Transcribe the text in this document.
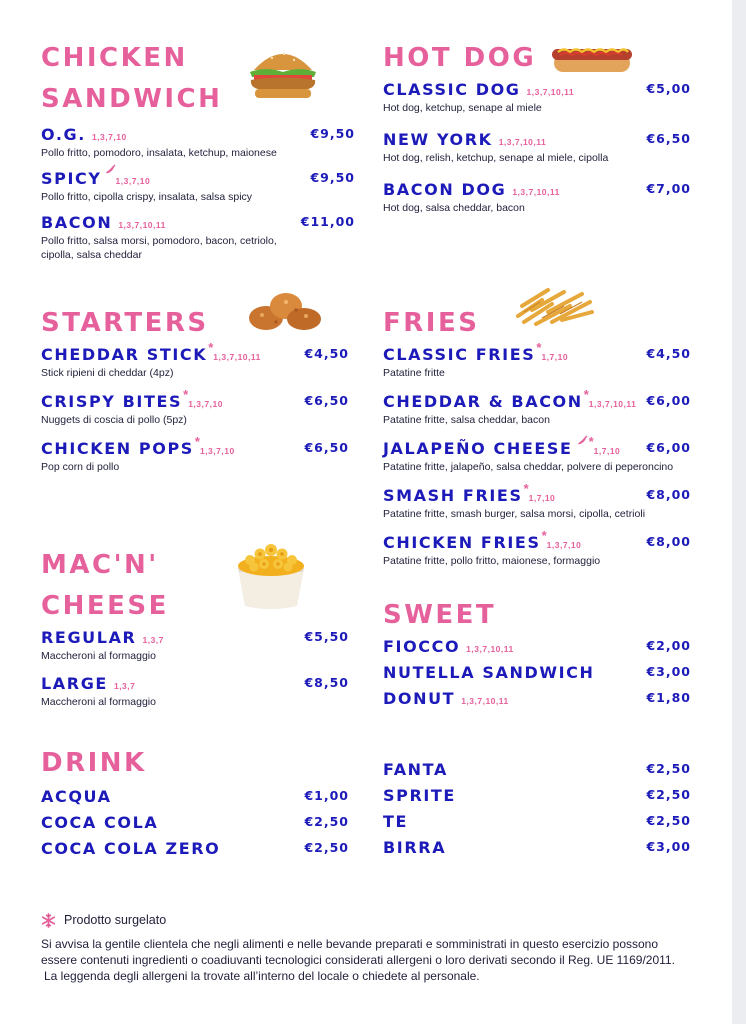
CHICKEN
SANDWICH
O.G. 1,3,7,10	€9,50
Pollo fritto, pomodoro, insalata, ketchup, maionese
SPICY 1,3,7,10	€9,50
Pollo fritto, cipolla crispy, insalata, salsa spicy
BACON 1,3,7,10,11	€11,00
Pollo fritto, salsa morsi, pomodoro, bacon, cetriolo, cipolla, salsa cheddar
HOT DOG
CLASSIC DOG 1,3,7,10,11	€5,00
Hot dog, ketchup, senape al miele
NEW YORK 1,3,7,10,11	€6,50
Hot dog, relish, ketchup, senape al miele, cipolla
BACON DOG 1,3,7,10,11	€7,00
Hot dog, salsa cheddar, bacon
STARTERS
CHEDDAR STICK*1,3,7,10,11	€4,50
Stick ripieni di cheddar (4pz)
CRISPY BITES*1,3,7,10	€6,50
Nuggets di coscia di pollo (5pz)
CHICKEN POPS*1,3,7,10	€6,50
Pop corn di pollo
FRIES
CLASSIC FRIES*1,7,10	€4,50
Patatine fritte
CHEDDAR & BACON*1,3,7,10,11 €6,00
Patatine fritte, salsa cheddar, bacon
JALAPEÑO CHEESE *1,7,10 €6,00
Patatine fritte, jalapeño, salsa cheddar, polvere di peperoncino
SMASH FRIES*1,7,10	€8,00
Patatine fritte, smash burger, salsa morsi, cipolla, cetrioli
CHICKEN FRIES*1,3,7,10	€8,00
Patatine fritte, pollo fritto, maionese, formaggio
MAC'N'
CHEESE
REGULAR 1,3,7	€5,50
Maccheroni al formaggio
LARGE 1,3,7	€8,50
Maccheroni al formaggio
SWEET
FIOCCO 1,3,7,10,11	€2,00
NUTELLA SANDWICH	€3,00
DONUT 1,3,7,10,11	€1,80
DRINK
ACQUA	€1,00
COCA COLA	€2,50
COCA COLA ZERO	€2,50
FANTA	€2,50
SPRITE	€2,50
TE	€2,50
BIRRA	€3,00
Prodotto surgelato
Si avvisa la gentile clientela che negli alimenti e nelle bevande preparati e somministrati in questo esercizio possono essere contenuti ingredienti o coadiuvanti tecnologici considerati allergeni o loro derivati secondo il Reg. UE 1169/2011.
La leggenda degli allergeni la trovate all’interno del locale o chiedete al personale.
